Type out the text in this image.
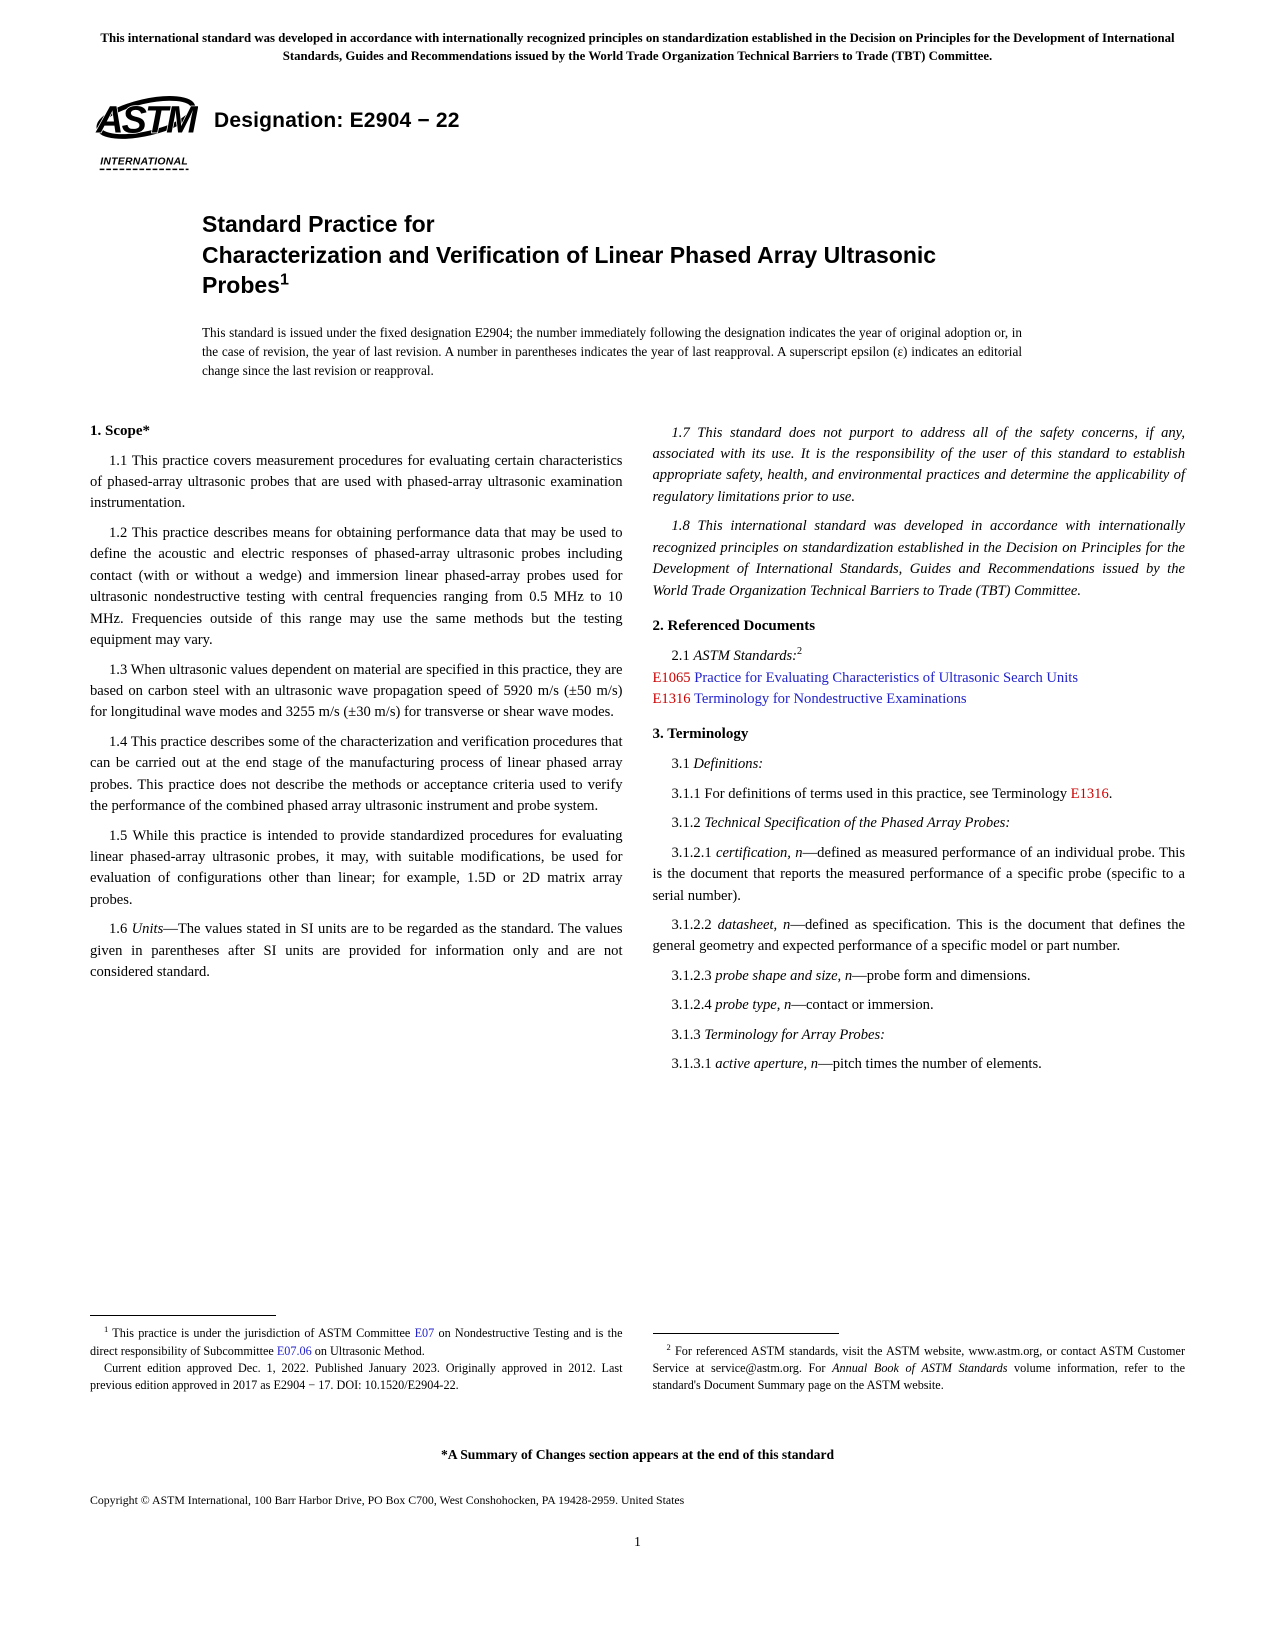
This international standard was developed in accordance with internationally recognized principles on standardization established in the Decision on Principles for the Development of International Standards, Guides and Recommendations issued by the World Trade Organization Technical Barriers to Trade (TBT) Committee.

ASTM
INTERNATIONAL
Designation: E2904 − 22
Standard Practice for
Characterization and Verification of Linear Phased Array Ultrasonic Probes$^1$

This standard is issued under the fixed designation E2904; the number immediately following the designation indicates the year of original adoption or, in the case of revision, the year of last revision. A number in parentheses indicates the year of last reapproval. A superscript epsilon (ε) indicates an editorial change since the last revision or reapproval.

1. Scope*

1.1 This practice covers measurement procedures for evaluating certain characteristics of phased-array ultrasonic probes that are used with phased-array ultrasonic examination instrumentation.

1.2 This practice describes means for obtaining performance data that may be used to define the acoustic and electric responses of phased-array ultrasonic probes including contact (with or without a wedge) and immersion linear phased-array probes used for ultrasonic nondestructive testing with central frequencies ranging from 0.5 MHz to 10 MHz. Frequencies outside of this range may use the same methods but the testing equipment may vary.

1.3 When ultrasonic values dependent on material are specified in this practice, they are based on carbon steel with an ultrasonic wave propagation speed of 5920 m/s (±50 m/s) for longitudinal wave modes and 3255 m/s (±30 m/s) for transverse or shear wave modes.

1.4 This practice describes some of the characterization and verification procedures that can be carried out at the end stage of the manufacturing process of linear phased array probes. This practice does not describe the methods or acceptance criteria used to verify the performance of the combined phased array ultrasonic instrument and probe system.

1.5 While this practice is intended to provide standardized procedures for evaluating linear phased-array ultrasonic probes, it may, with suitable modifications, be used for evaluation of configurations other than linear; for example, 1.5D or 2D matrix array probes.

1.6 Units—The values stated in SI units are to be regarded as the standard. The values given in parentheses after SI units are provided for information only and are not considered standard.

$^1$ This practice is under the jurisdiction of ASTM Committee E07 on Nondestructive Testing and is the direct responsibility of Subcommittee E07.06 on Ultrasonic Method.

Current edition approved Dec. 1, 2022. Published January 2023. Originally approved in 2012. Last previous edition approved in 2017 as E2904 − 17. DOI: 10.1520/E2904-22.

1.7 This standard does not purport to address all of the safety concerns, if any, associated with its use. It is the responsibility of the user of this standard to establish appropriate safety, health, and environmental practices and determine the applicability of regulatory limitations prior to use.

1.8 This international standard was developed in accordance with internationally recognized principles on standardization established in the Decision on Principles for the Development of International Standards, Guides and Recommendations issued by the World Trade Organization Technical Barriers to Trade (TBT) Committee.

2. Referenced Documents

2.1 ASTM Standards:$^2$

E1065 Practice for Evaluating Characteristics of Ultrasonic Search Units

E1316 Terminology for Nondestructive Examinations

3. Terminology

3.1 Definitions:

3.1.1 For definitions of terms used in this practice, see Terminology E1316.

3.1.2 Technical Specification of the Phased Array Probes:

3.1.2.1 certification, n—defined as measured performance of an individual probe. This is the document that reports the measured performance of a specific probe (specific to a serial number).

3.1.2.2 datasheet, n—defined as specification. This is the document that defines the general geometry and expected performance of a specific model or part number.

3.1.2.3 probe shape and size, n—probe form and dimensions.

3.1.2.4 probe type, n—contact or immersion.

3.1.3 Terminology for Array Probes:

3.1.3.1 active aperture, n—pitch times the number of elements.

$^2$ For referenced ASTM standards, visit the ASTM website, www.astm.org, or contact ASTM Customer Service at service@astm.org. For Annual Book of ASTM Standards volume information, refer to the standard's Document Summary page on the ASTM website.

*A Summary of Changes section appears at the end of this standard

Copyright © ASTM International, 100 Barr Harbor Drive, PO Box C700, West Conshohocken, PA 19428-2959. United States

1
